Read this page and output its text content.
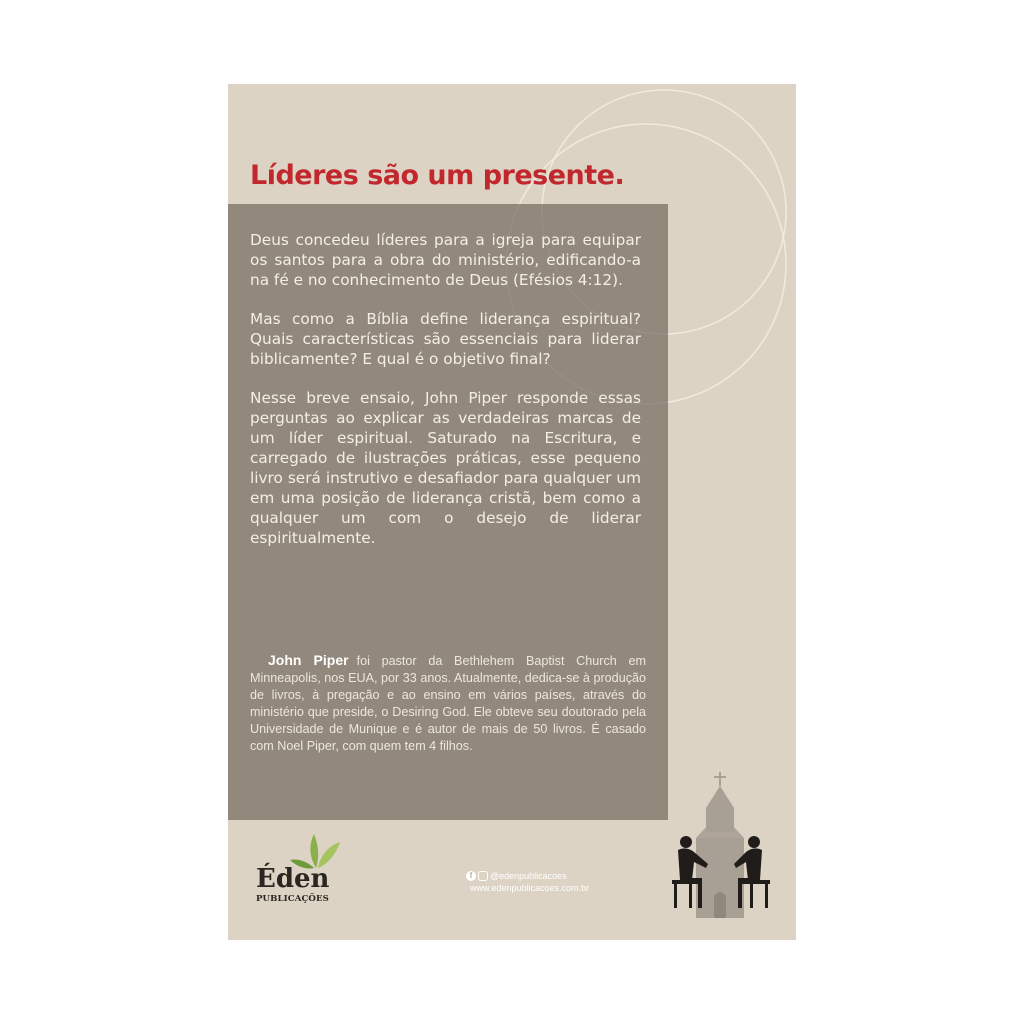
Líderes são um presente.

Deus concedeu líderes para a igreja para equipar os santos para a obra do ministério, edificando-a na fé e no conhecimento de Deus (Efésios 4:12).

Mas como a Bíblia define liderança espiritual? Quais características são essenciais para liderar biblicamente? E qual é o objetivo final?

Nesse breve ensaio, John Piper responde essas perguntas ao explicar as verdadeiras marcas de um líder espiritual. Saturado na Escritura, e carregado de ilustrações práticas, esse pequeno livro será instrutivo e desafiador para qualquer um em uma posição de liderança cristã, bem como a qualquer um com o desejo de liderar espiritualmente.

John Piper foi pastor da Bethlehem Baptist Church em Minneapolis, nos EUA, por 33 anos. Atualmente, dedica-se à produção de livros, à pregação e ao ensino em vários países, através do ministério que preside, o Desiring God. Ele obteve seu doutorado pela Universidade de Munique e é autor de mais de 50 livros. É casado com Noel Piper, com quem tem 4 filhos.
Éden
PUBLICAÇÕES
f	@edenpublicacoes
www.edenpublicacoes.com.br
